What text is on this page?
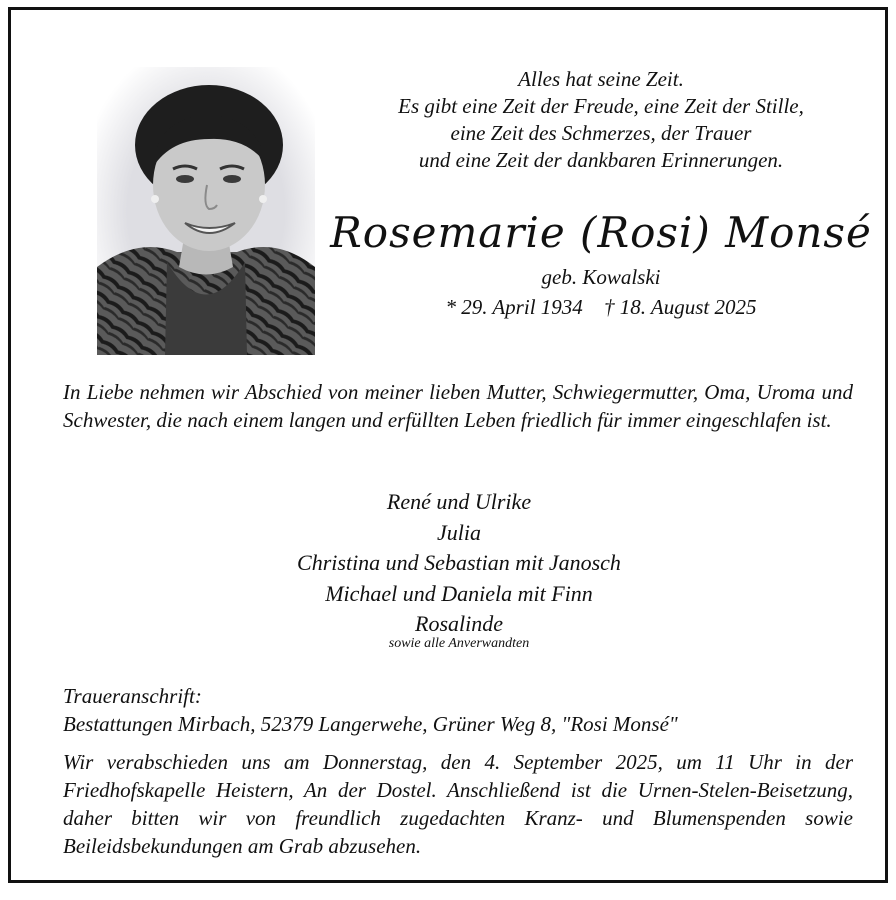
Alles hat seine Zeit.
Es gibt eine Zeit der Freude, eine Zeit der Stille,
eine Zeit des Schmerzes, der Trauer
und eine Zeit der dankbaren Erinnerungen.
Rosemarie (Rosi) Monsé
geb. Kowalski
* 29. April 1934 † 18. August 2025
In Liebe nehmen wir Abschied von meiner lieben Mutter, Schwiegermutter, Oma, Uroma und Schwester, die nach einem langen und erfüllten Leben friedlich für immer eingeschlafen ist.
René und Ulrike
Julia
Christina und Sebastian mit Janosch
Michael und Daniela mit Finn
Rosalinde
sowie alle Anverwandten
Traueranschrift:
Bestattungen Mirbach, 52379 Langerwehe, Grüner Weg 8, "Rosi Monsé"
Wir verabschieden uns am Donnerstag, den 4. September 2025, um 11 Uhr in der Friedhofskapelle Heistern, An der Dostel. Anschließend ist die Urnen-Stelen-Beisetzung, daher bitten wir von freundlich zugedachten Kranz- und Blumenspenden sowie Beileidsbekundungen am Grab abzusehen.
